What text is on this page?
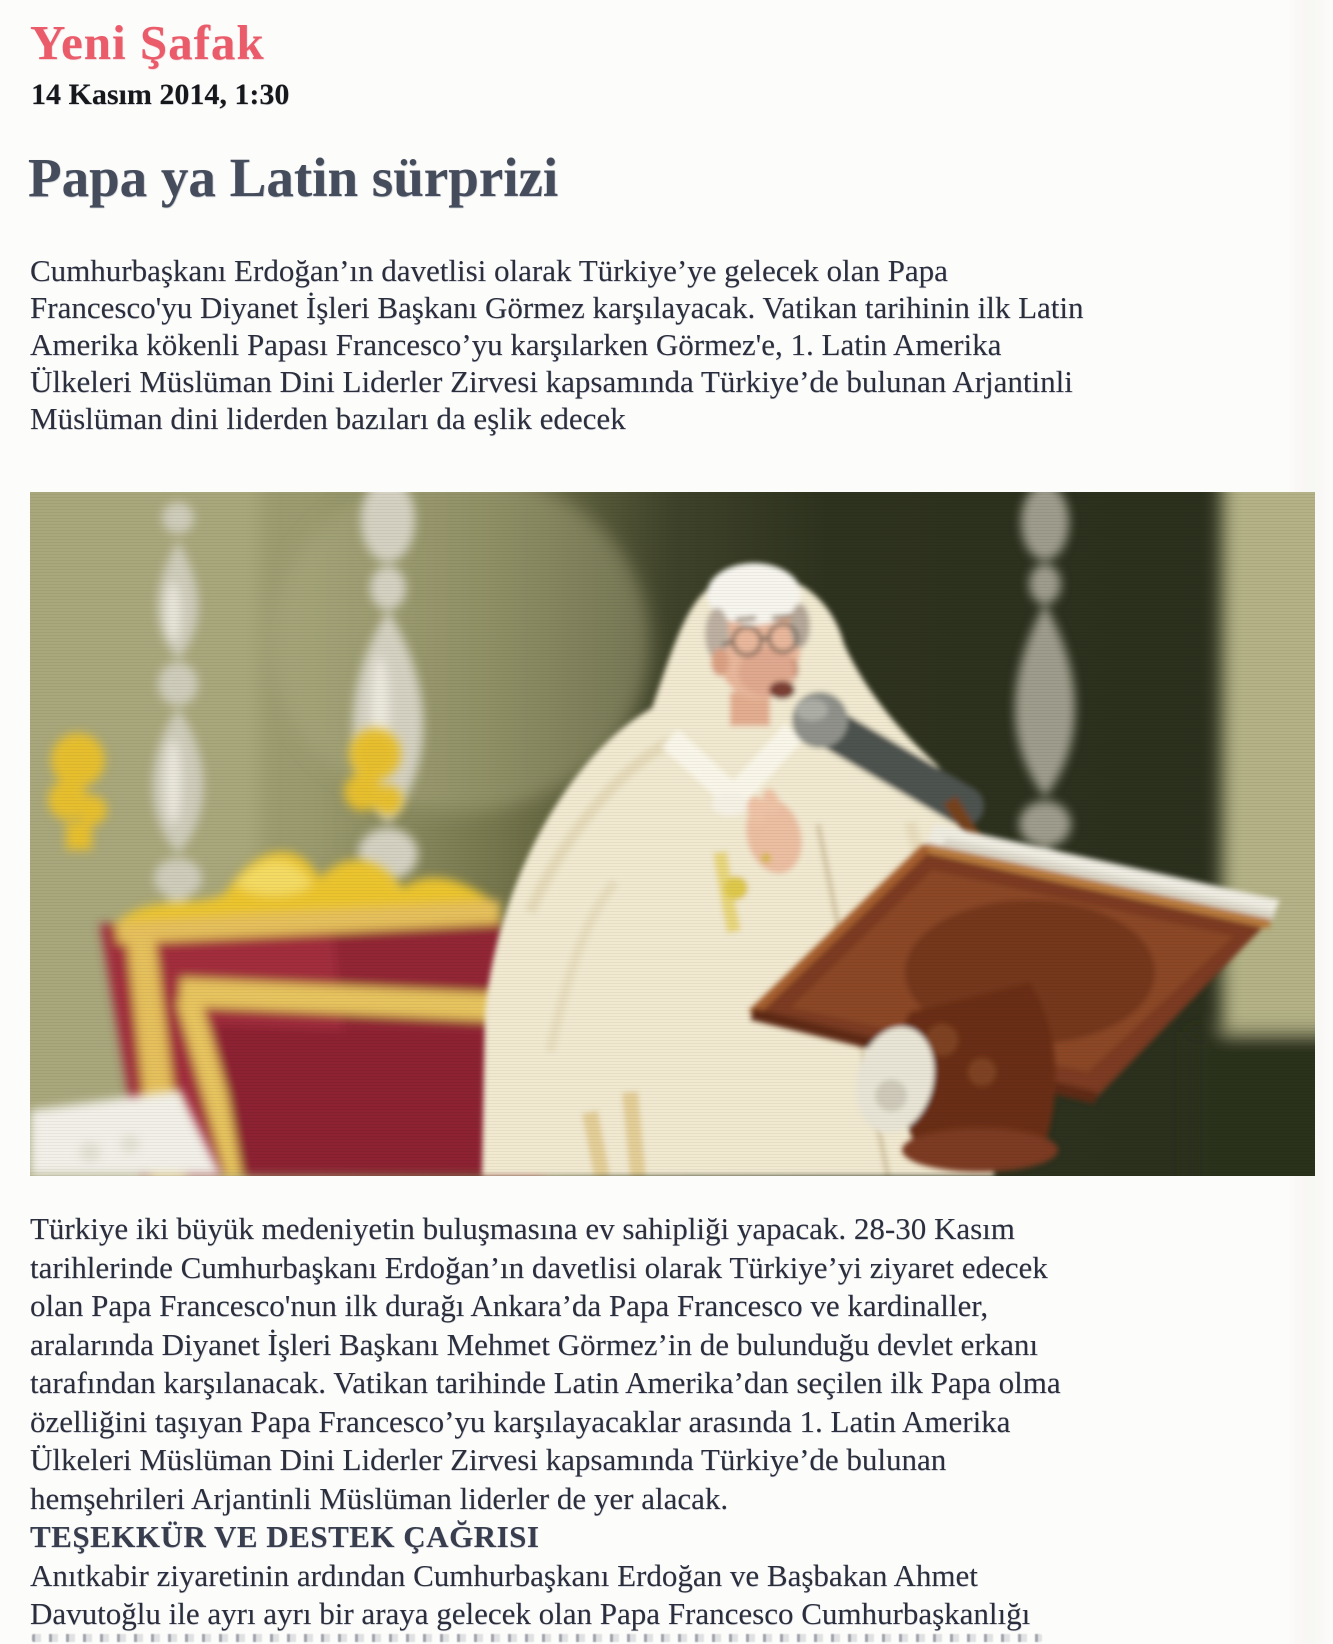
Yeni Şafak
14 Kasım 2014, 1:30
Papa ya Latin sürprizi
Cumhurbaşkanı Erdoğan’ın davetlisi olarak Türkiye’ye gelecek olan Papa
Francesco'yu Diyanet İşleri Başkanı Görmez karşılayacak. Vatikan tarihinin ilk Latin
Amerika kökenli Papası Francesco’yu karşılarken Görmez'e, 1. Latin Amerika
Ülkeleri Müslüman Dini Liderler Zirvesi kapsamında Türkiye’de bulunan Arjantinli
Müslüman dini liderden bazıları da eşlik edecek
Türkiye iki büyük medeniyetin buluşmasına ev sahipliği yapacak. 28-30 Kasım
tarihlerinde Cumhurbaşkanı Erdoğan’ın davetlisi olarak Türkiye’yi ziyaret edecek
olan Papa Francesco'nun ilk durağı Ankara’da Papa Francesco ve kardinaller,
aralarında Diyanet İşleri Başkanı Mehmet Görmez’in de bulunduğu devlet erkanı
tarafından karşılanacak. Vatikan tarihinde Latin Amerika’dan seçilen ilk Papa olma
özelliğini taşıyan Papa Francesco’yu karşılayacaklar arasında 1. Latin Amerika
Ülkeleri Müslüman Dini Liderler Zirvesi kapsamında Türkiye’de bulunan
hemşehrileri Arjantinli Müslüman liderler de yer alacak.
TEŞEKKÜR VE DESTEK ÇAĞRISI
Anıtkabir ziyaretinin ardından Cumhurbaşkanı Erdoğan ve Başbakan Ahmet
Davutoğlu ile ayrı ayrı bir araya gelecek olan Papa Francesco Cumhurbaşkanlığı
